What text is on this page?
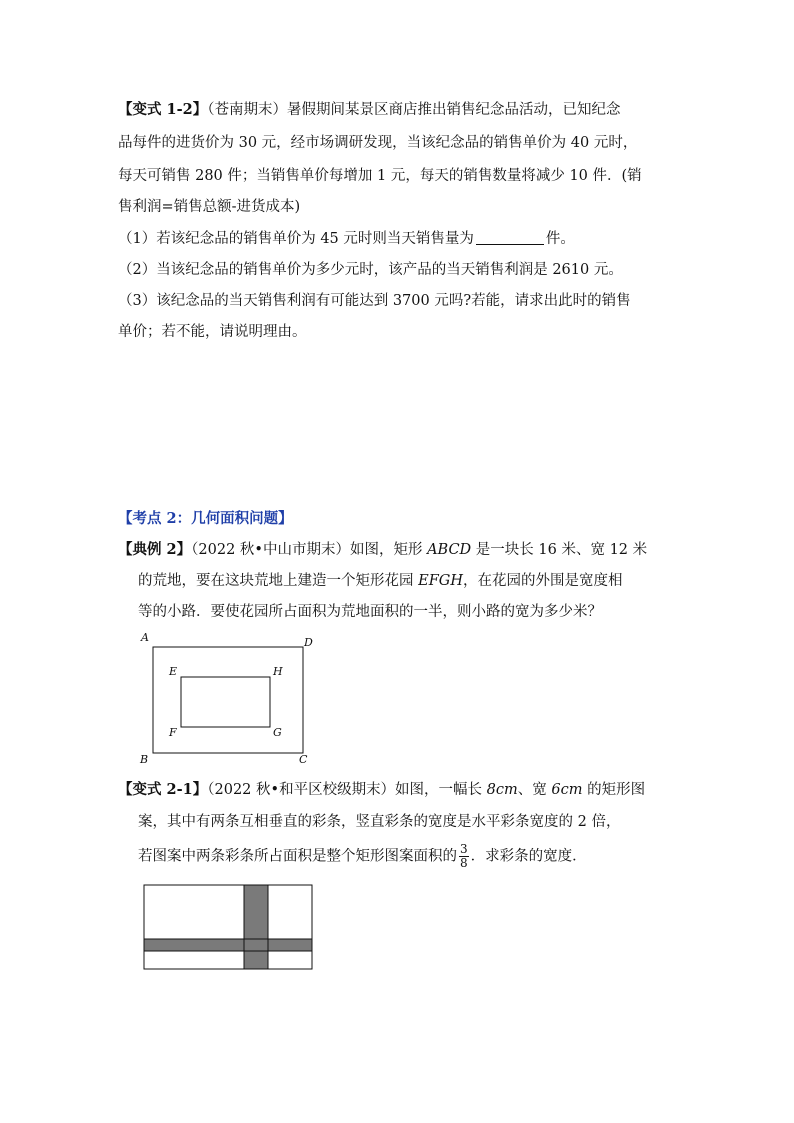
【变式 1-2】（苍南期末）暑假期间某景区商店推出销售纪念品活动，已知纪念
品每件的进货价为 30 元，经市场调研发现，当该纪念品的销售单价为 40 元时，
每天可销售 280 件；当销售单价每增加 1 元，每天的销售数量将减少 10 件．(销
售利润=销售总额-进货成本)
（1）若该纪念品的销售单价为 45 元时则当天销售量为	件。
（2）当该纪念品的销售单价为多少元时，该产品的当天销售利润是 2610 元。
（3）该纪念品的当天销售利润有可能达到 3700 元吗?若能，请求出此时的销售
单价；若不能，请说明理由。
【考点 2：几何面积问题】
【典例 2】（2022 秋•中山市期末）如图，矩形 ABCD 是一块长 16 米、宽 12 米
的荒地，要在这块荒地上建造一个矩形花园 EFGH，在花园的外围是宽度相
等的小路．要使花园所占面积为荒地面积的一半，则小路的宽为多少米？
A	D
B	C
E	H
F	G
【变式 2-1】（2022 秋•和平区校级期末）如图，一幅长 8cm、宽 6cm 的矩形图
案，其中有两条互相垂直的彩条，竖直彩条的宽度是水平彩条宽度的 2 倍，
若图案中两条彩条所占面积是整个矩形图案面积的 $\frac{3}{8}$ ．求彩条的宽度．
